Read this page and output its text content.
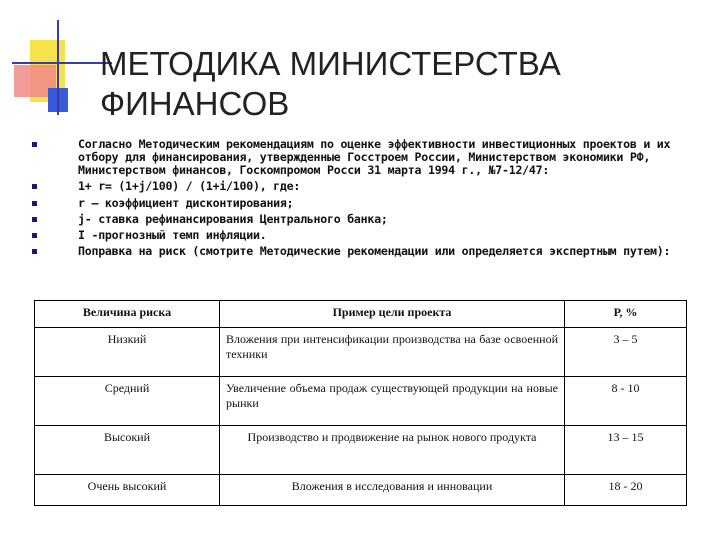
МЕТОДИКА МИНИСТЕРСТВА
ФИНАНСОВ
Согласно Методическим рекомендациям по оценке эффективности инвестиционных проектов и их отбору для финансирования, утвержденные Госстроем России, Министерством экономики РФ, Министерством финансов, Госкомпромом Росси 31 марта 1994 г., №7-12/47:
1+ r= (1+j/100) / (1+i/100), где:
r – коэффициент дисконтирования;
j- ставка рефинансирования Центрального банка;
I -прогнозный темп инфляции.
Поправка на риск (смотрите Методические рекомендации или определяется экспертным путем):
Величина риска	Пример цели проекта	Р, %
Низкий	Вложения при интенсификации производства на базе освоенной техники	3 – 5
Средний	Увеличение объема продаж существующей продукции на новые рынки	8 - 10
Высокий	Производство и продвижение на рынок нового продукта	13 – 15
Очень высокий	Вложения в исследования и инновации	18 - 20
